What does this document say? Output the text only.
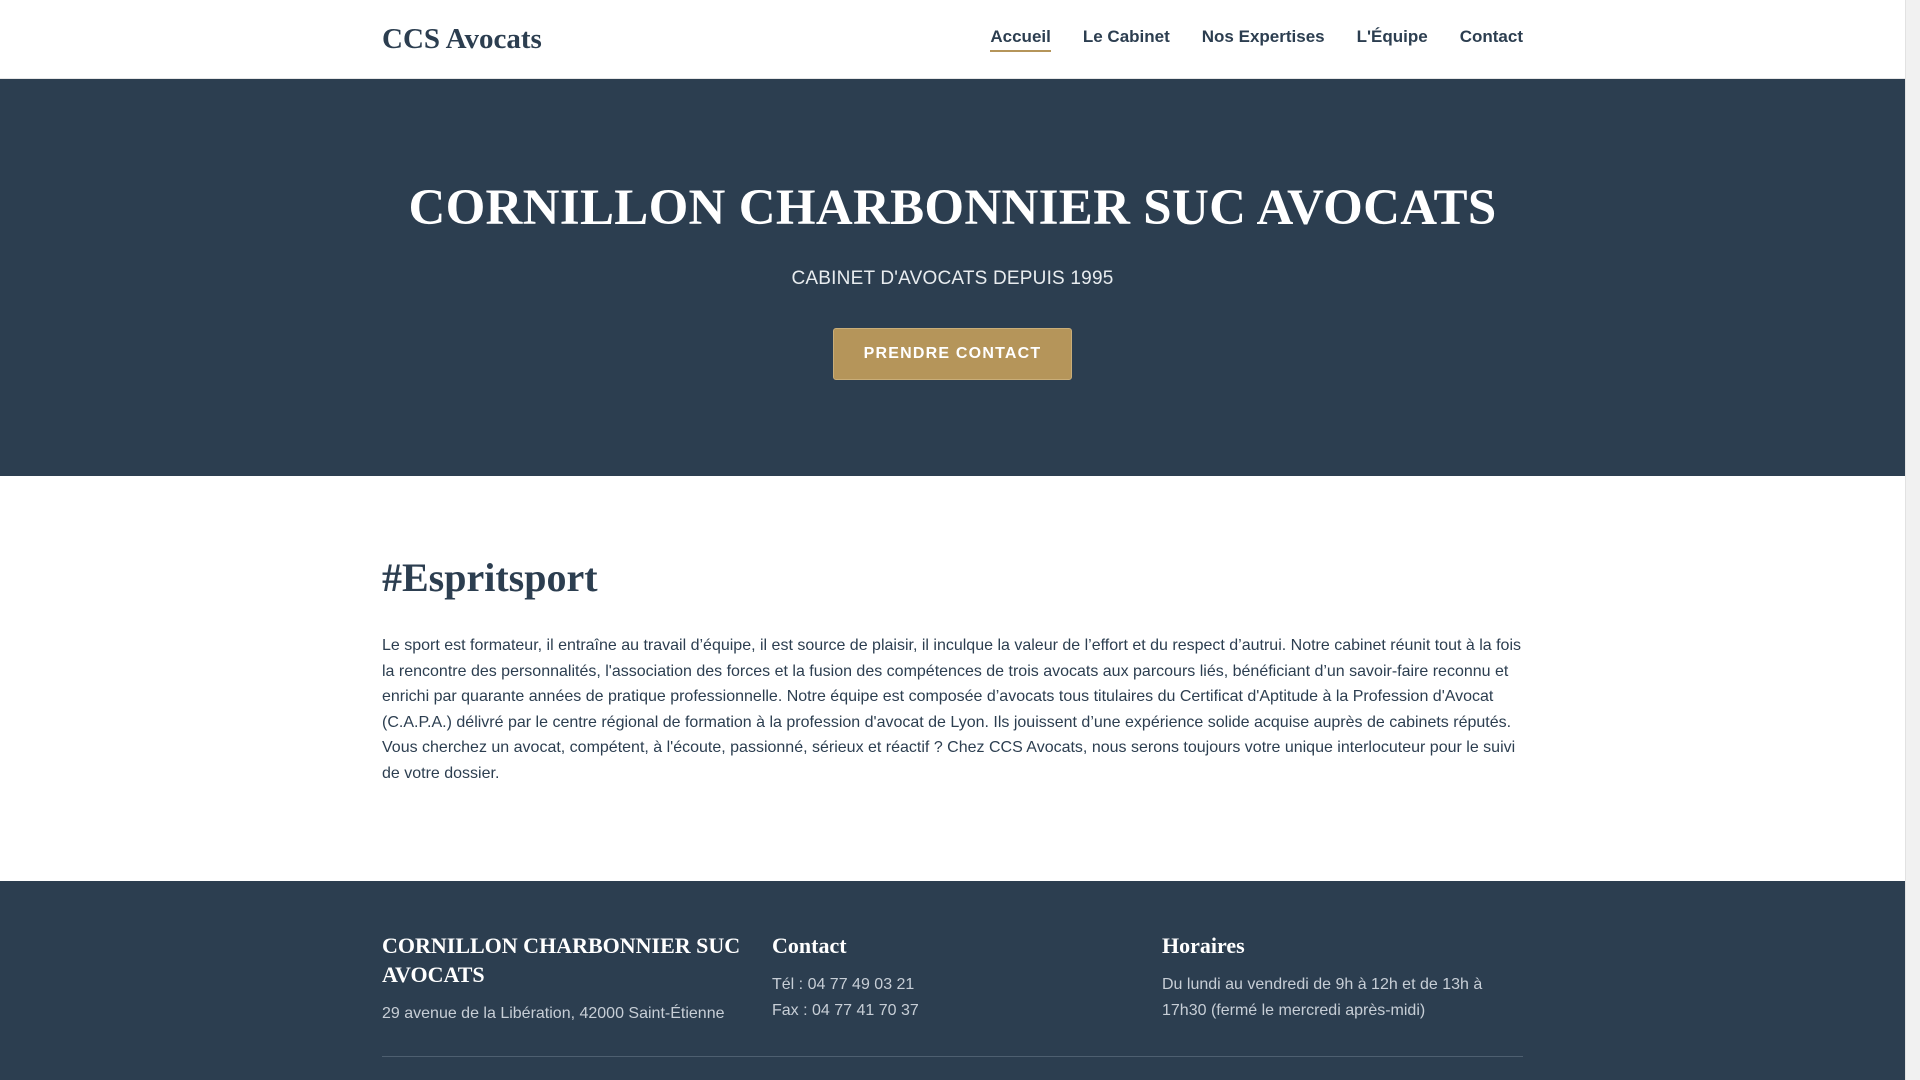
CCS Avocats	Accueil Le Cabinet Nos Expertises L'Équipe Contact
CORNILLON CHARBONNIER SUC AVOCATS

CABINET D'AVOCATS DEPUIS 1995

PRENDRE CONTACT
#Espritsport

Le sport est formateur, il entraîne au travail d’équipe, il est source de plaisir, il inculque la valeur de l’effort et du respect d’autrui. Notre cabinet réunit tout à la fois la rencontre des personnalités, l'association des forces et la fusion des compétences de trois avocats aux parcours liés, bénéficiant d’un savoir-faire reconnu et enrichi par quarante années de pratique professionnelle. Notre équipe est composée d’avocats tous titulaires du Certificat d'Aptitude à la Profession d'Avocat (C.A.P.A.) délivré par le centre régional de formation à la profession d'avocat de Lyon. Ils jouissent d’une expérience solide acquise auprès de cabinets réputés. Vous cherchez un avocat, compétent, à l'écoute, passionné, sérieux et réactif ? Chez CCS Avocats, nous serons toujours votre unique interlocuteur pour le suivi de votre dossier.

CORNILLON CHARBONNIER SUC AVOCATS

29 avenue de la Libération, 42000 Saint-Étienne

Contact

Tél : 04 77 49 03 21

Fax : 04 77 41 70 37

Horaires

Du lundi au vendredi de 9h à 12h et de 13h à 17h30 (fermé le mercredi après-midi)
